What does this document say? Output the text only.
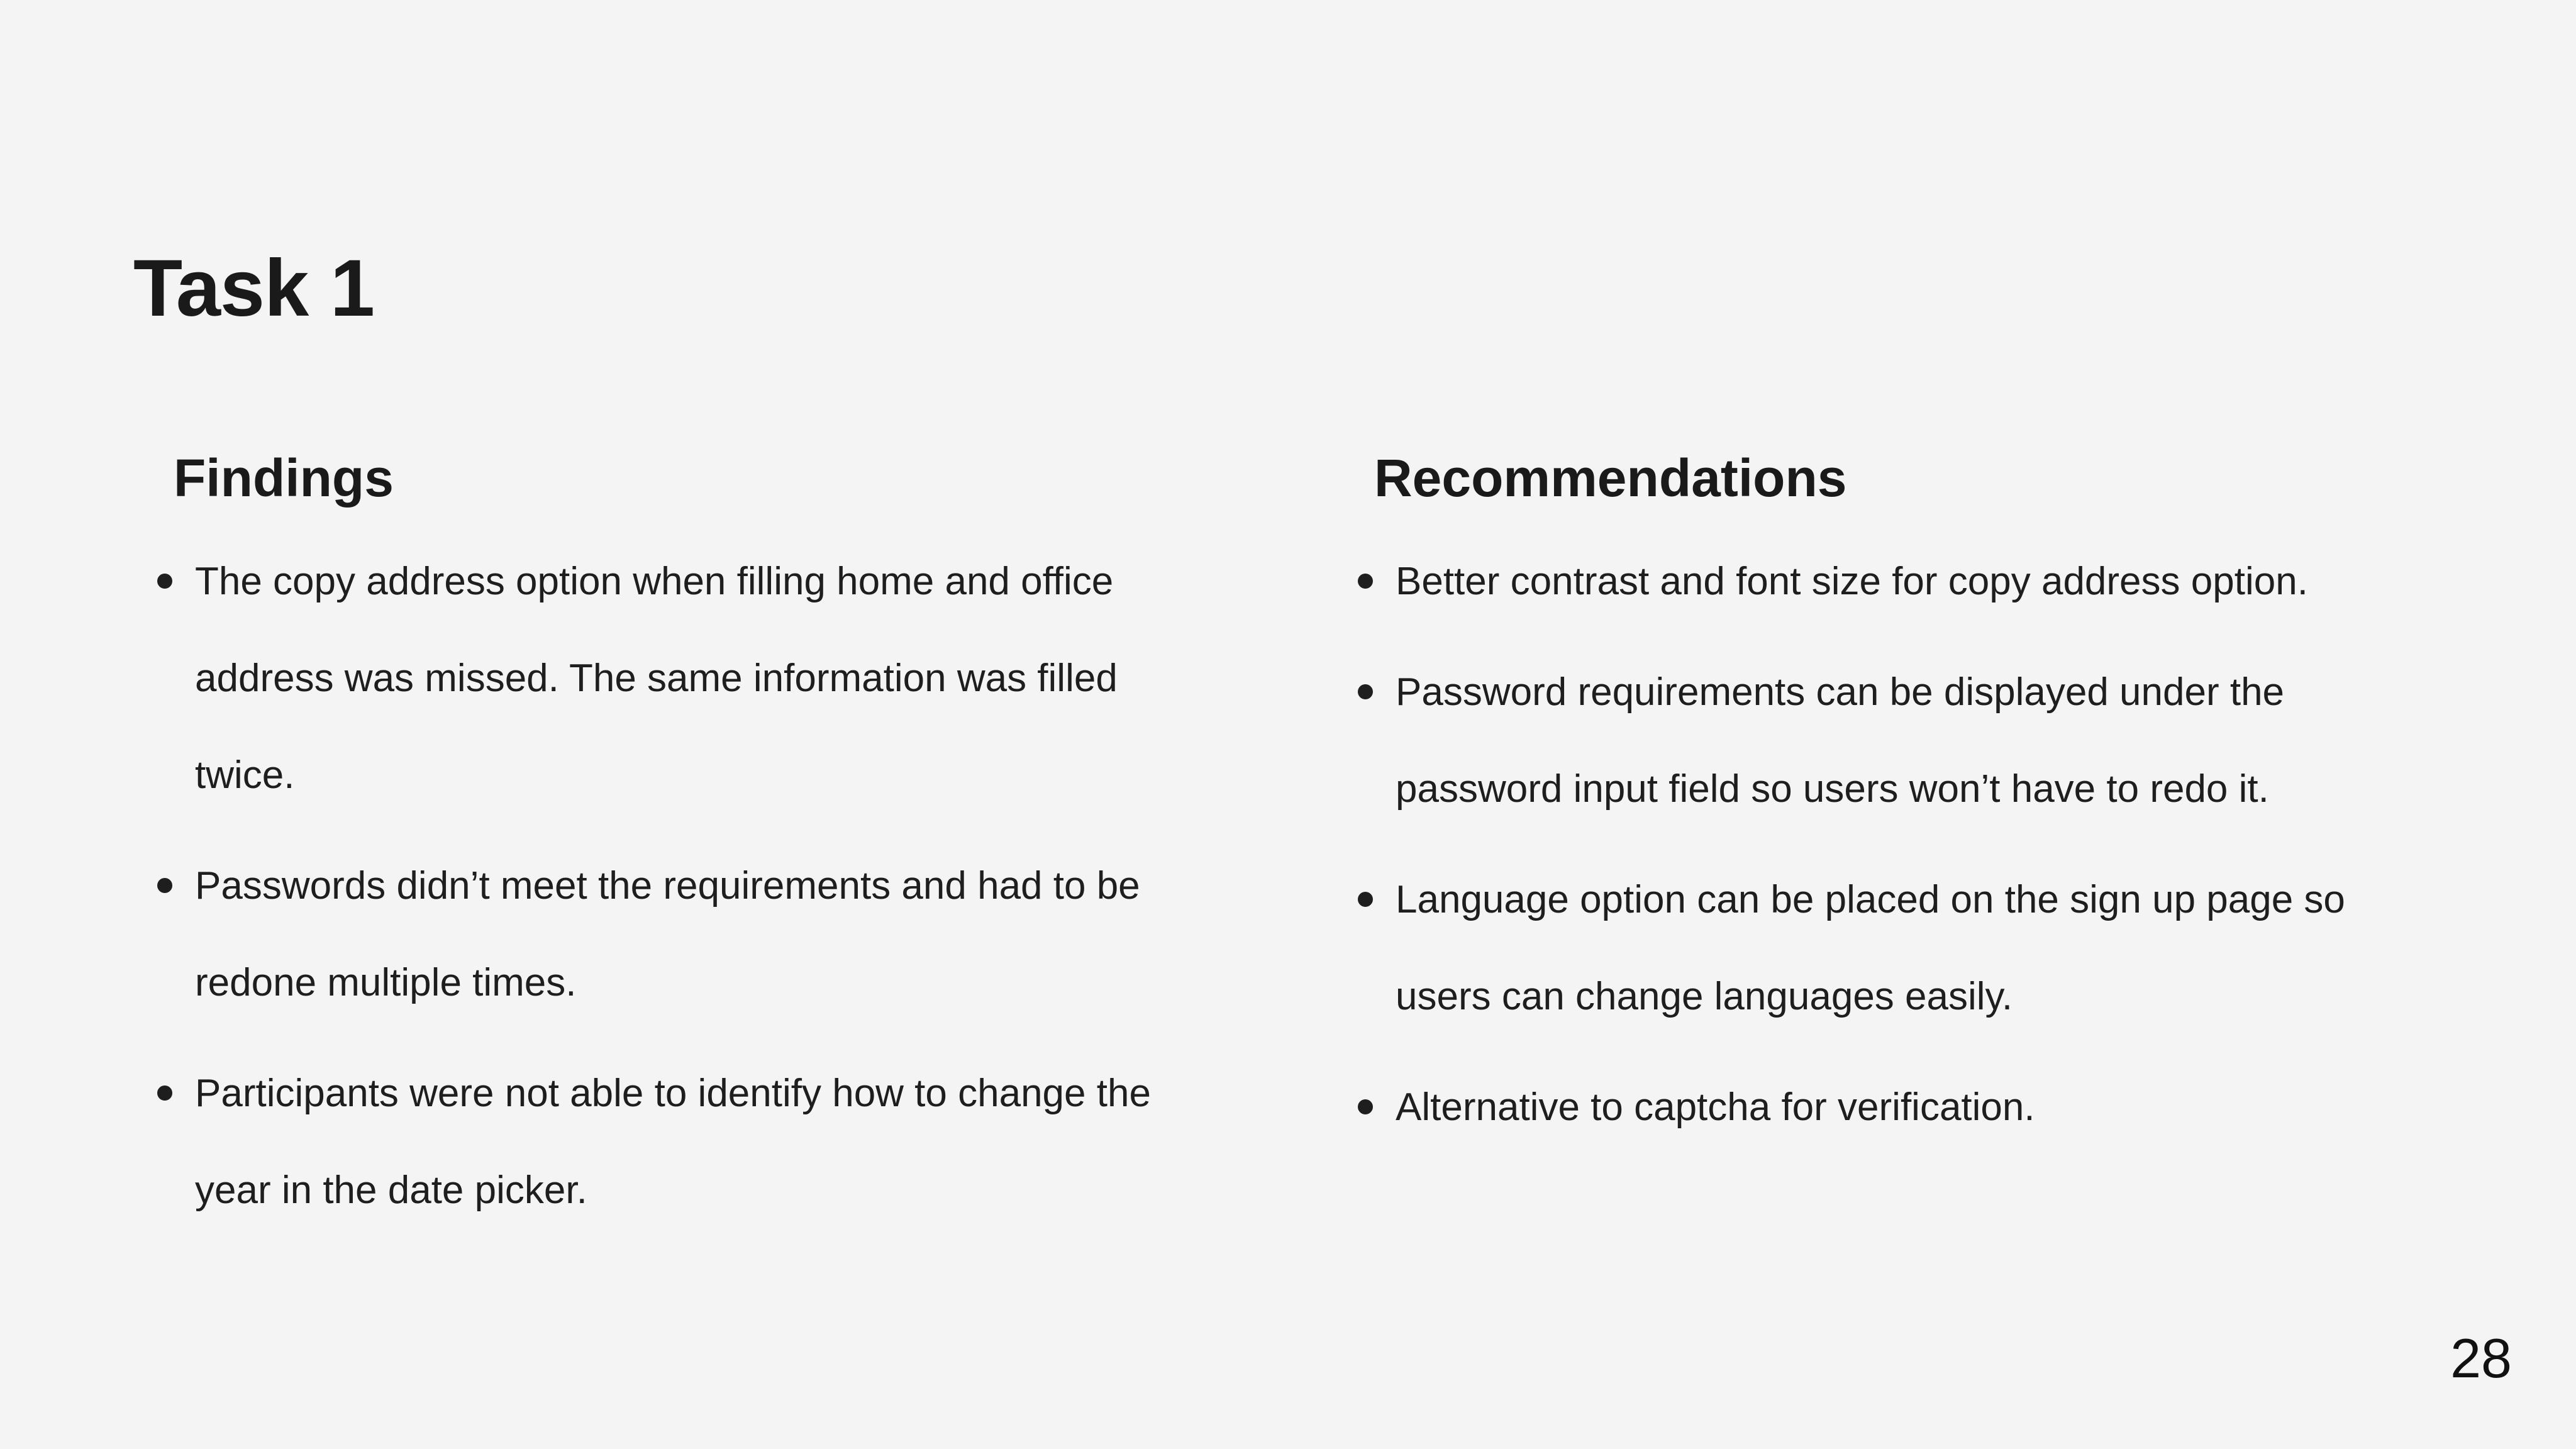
Task 1
Findings
The copy address option when filling home and office address was missed. The same information was filled twice.
Passwords didn’t meet the requirements and had to be redone multiple times.
Participants were not able to identify how to change the year in the date picker.
Recommendations
Better contrast and font size for copy address option.
Password requirements can be displayed under the password input field so users won’t have to redo it.
Language option can be placed on the sign up page so users can change languages easily.
Alternative to captcha for verification.
28
